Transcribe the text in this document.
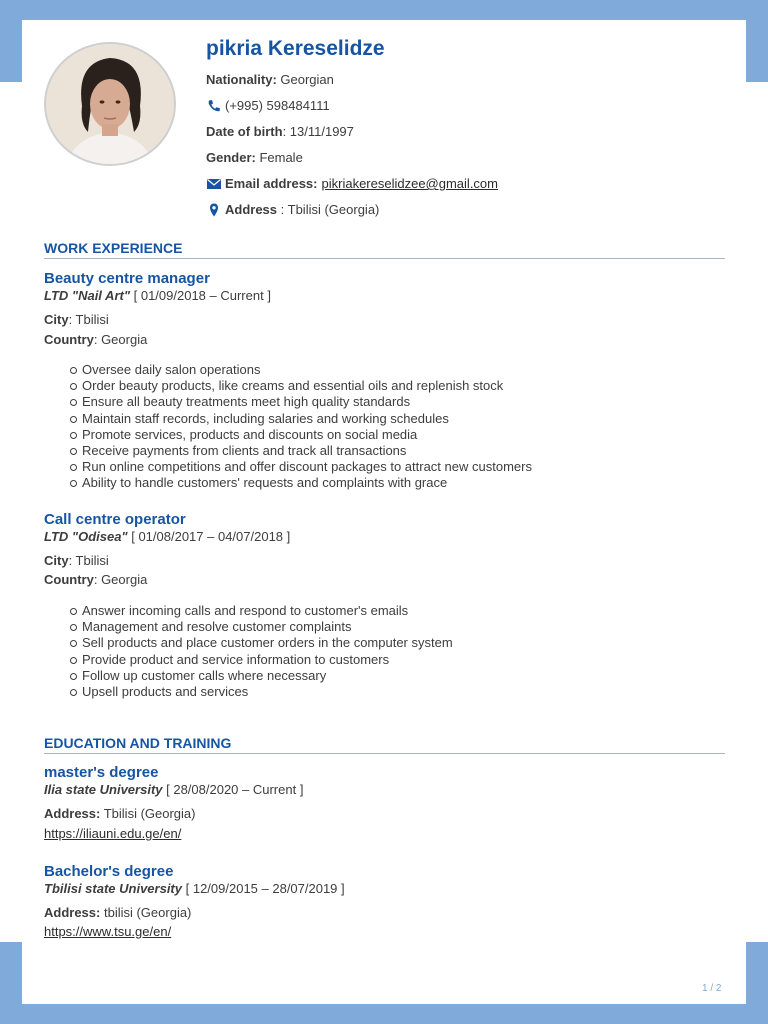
pikria Kereselidze
Nationality: Georgian
(+995) 598484111
Date of birth : 13/11/1997
Gender: Female
Email address: pikriakereselidzee@gmail.com
Address : Tbilisi (Georgia)
WORK EXPERIENCE
Beauty centre manager
LTD "Nail Art" [ 01/09/2018 – Current ]
City: Tbilisi
Country: Georgia
Oversee daily salon operations
Order beauty products, like creams and essential oils and replenish stock
Ensure all beauty treatments meet high quality standards
Maintain staff records, including salaries and working schedules
Promote services, products and discounts on social media
Receive payments from clients and track all transactions
Run online competitions and offer discount packages to attract new customers
Ability to handle customers' requests and complaints with grace
Call centre operator
LTD "Odisea" [ 01/08/2017 – 04/07/2018 ]
City: Tbilisi
Country: Georgia
Answer incoming calls and respond to customer's emails
Management and resolve customer complaints
Sell products and place customer orders in the computer system
Provide product and service information to customers
Follow up customer calls where necessary
Upsell products and services
EDUCATION AND TRAINING
master's degree
Ilia state University [ 28/08/2020 – Current ]
Address: Tbilisi (Georgia)
https://iliauni.edu.ge/en/
Bachelor's degree
Tbilisi state University [ 12/09/2015 – 28/07/2019 ]
Address: tbilisi (Georgia)
https://www.tsu.ge/en/
1 / 2
